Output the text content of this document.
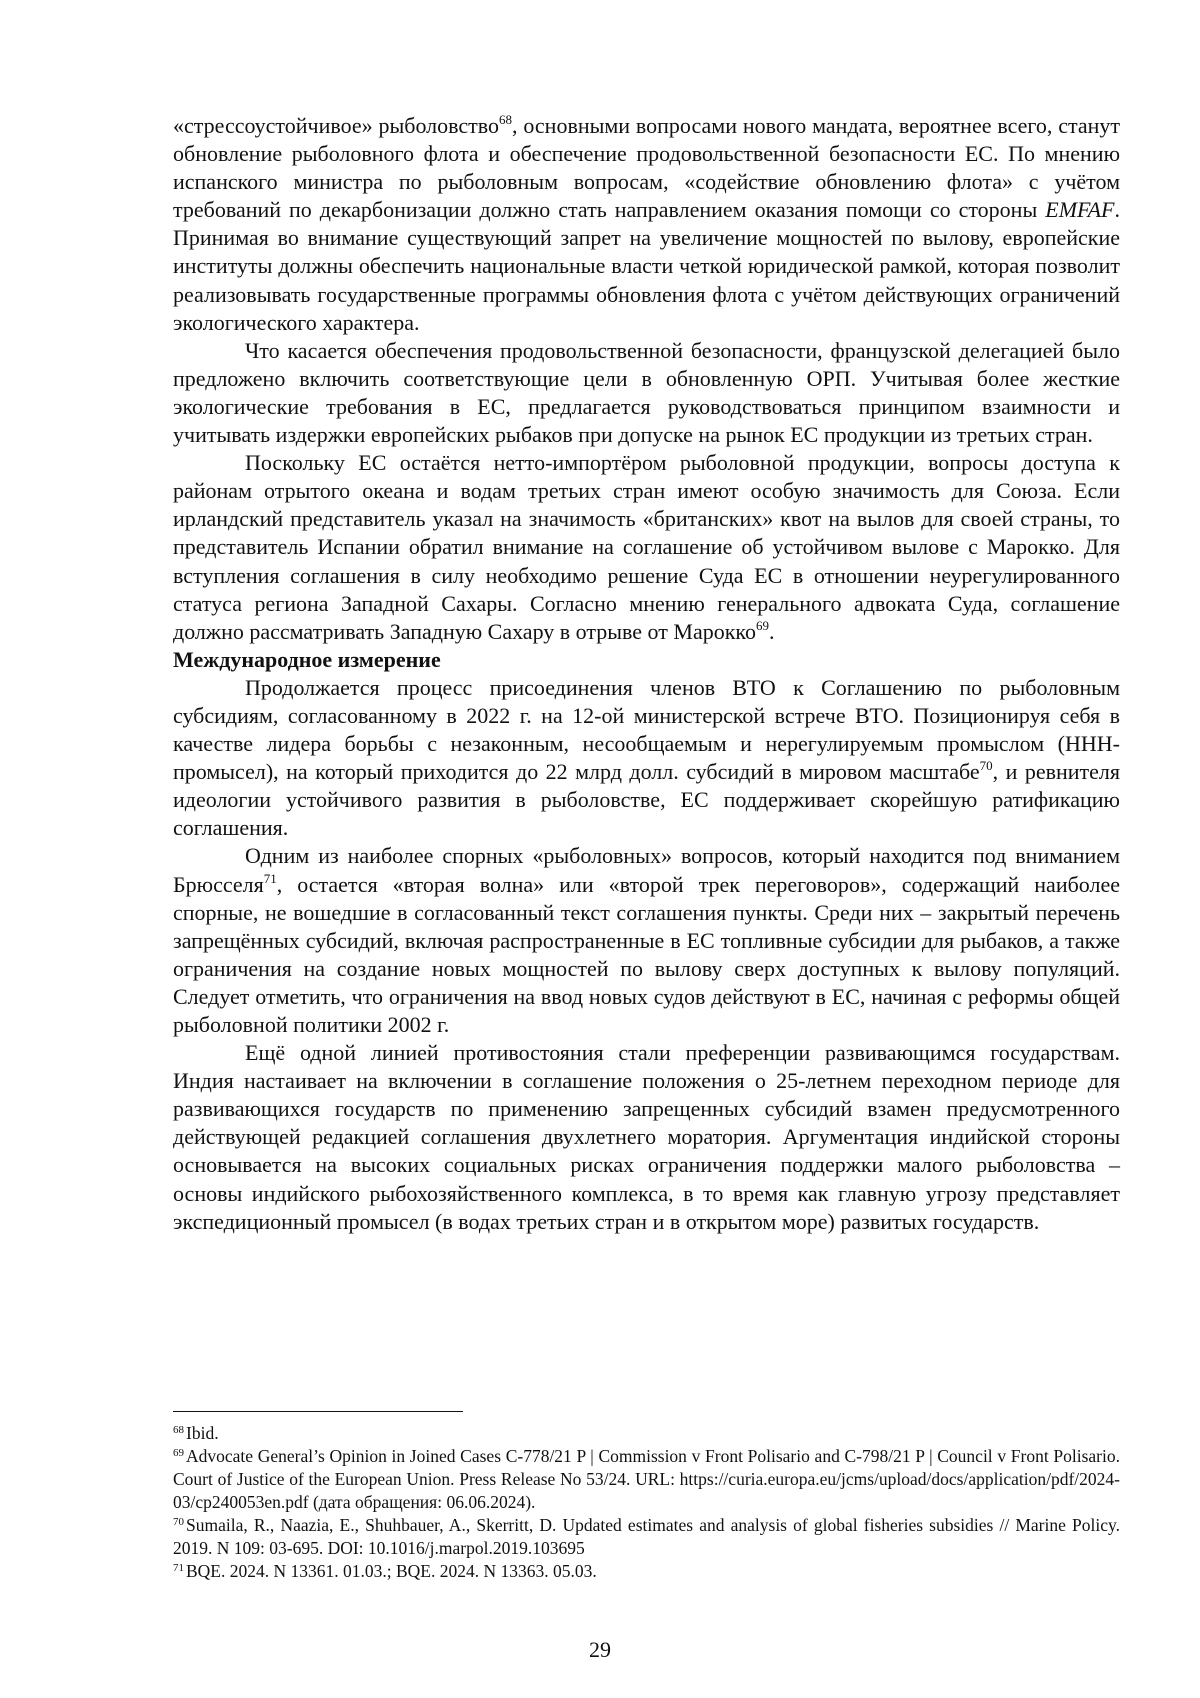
«стрессоустойчивое» рыболовство$^{68}$, основными вопросами нового мандата, вероятнее всего, станут обновление рыболовного флота и обеспечение продовольственной безопасности ЕС. По мнению испанского министра по рыболовным вопросам, «содействие обновлению флота» с учётом требований по декарбонизации должно стать направлением оказания помощи со стороны EMFAF. Принимая во внимание существующий запрет на увеличение мощностей по вылову, европейские институты должны обеспечить национальные власти четкой юридической рамкой, которая позволит реализовывать государственные программы обновления флота с учётом действующих ограничений экологического характера.

Что касается обеспечения продовольственной безопасности, французской делегацией было предложено включить соответствующие цели в обновленную ОРП. Учитывая более жесткие экологические требования в ЕС, предлагается руководствоваться принципом взаимности и учитывать издержки европейских рыбаков при допуске на рынок ЕС продукции из третьих стран.

Поскольку ЕС остаётся нетто-импортёром рыболовной продукции, вопросы доступа к районам отрытого океана и водам третьих стран имеют особую значимость для Союза. Если ирландский представитель указал на значимость «британских» квот на вылов для своей страны, то представитель Испании обратил внимание на соглашение об устойчивом вылове с Марокко. Для вступления соглашения в силу необходимо решение Суда ЕС в отношении неурегулированного статуса региона Западной Сахары. Согласно мнению генерального адвоката Суда, соглашение должно рассматривать Западную Сахару в отрыве от Марокко$^{69}$.

Международное измерение

Продолжается процесс присоединения членов ВТО к Соглашению по рыболовным субсидиям, согласованному в 2022 г. на 12-ой министерской встрече ВТО. Позиционируя себя в качестве лидера борьбы с незаконным, несообщаемым и нерегулируемым промыслом (ННН-промысел), на который приходится до 22 млрд долл. субсидий в мировом масштабе$^{70}$, и ревнителя идеологии устойчивого развития в рыболовстве, ЕС поддерживает скорейшую ратификацию соглашения.

Одним из наиболее спорных «рыболовных» вопросов, который находится под вниманием Брюсселя$^{71}$, остается «вторая волна» или «второй трек переговоров», содержащий наиболее спорные, не вошедшие в согласованный текст соглашения пункты. Среди них – закрытый перечень запрещённых субсидий, включая распространенные в ЕС топливные субсидии для рыбаков, а также ограничения на создание новых мощностей по вылову сверх доступных к вылову популяций. Следует отметить, что ограничения на ввод новых судов действуют в ЕС, начиная с реформы общей рыболовной политики 2002 г.

Ещё одной линией противостояния стали преференции развивающимся государствам. Индия настаивает на включении в соглашение положения о 25-летнем переходном периоде для развивающихся государств по применению запрещенных субсидий взамен предусмотренного действующей редакцией соглашения двухлетнего моратория. Аргументация индийской стороны основывается на высоких социальных рисках ограничения поддержки малого рыболовства – основы индийского рыбохозяйственного комплекса, в то время как главную угрозу представляет экспедиционный промысел (в водах третьих стран и в открытом море) развитых государств.

$^{68}$ Ibid.

$^{69}$ Advocate General’s Opinion in Joined Cases C-778/21 P | Commission v Front Polisario and C-798/21 P | Council v Front Polisario. Court of Justice of the European Union. Press Release No 53/24. URL: https://curia.europa.eu/jcms/upload/docs/application/pdf/2024-03/cp240053en.pdf (дата обращения: 06.06.2024).

$^{70}$ Sumaila, R., Naazia, E., Shuhbauer, A., Skerritt, D. Updated estimates and analysis of global fisheries subsidies // Marine Policy. 2019. N 109: 03-695. DOI: 10.1016/j.marpol.2019.103695

$^{71}$ BQE. 2024. N 13361. 01.03.; BQE. 2024. N 13363. 05.03.

29
